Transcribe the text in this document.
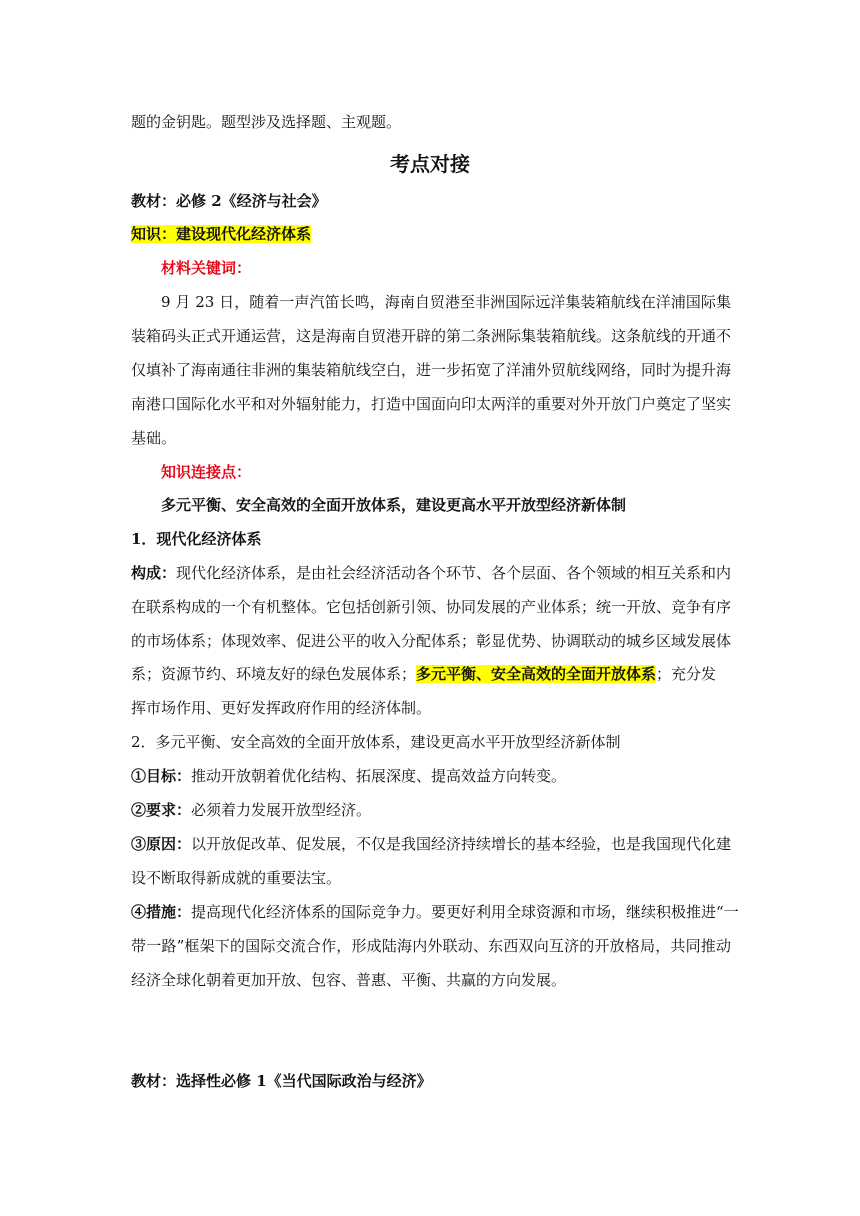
题的金钥匙。题型涉及选择题、主观题。
考点对接
教材：必修 2《经济与社会》
知识：建设现代化经济体系
材料关键词：
9 月 23 日，随着一声汽笛长鸣，海南自贸港至非洲国际远洋集装箱航线在洋浦国际集
装箱码头正式开通运营，这是海南自贸港开辟的第二条洲际集装箱航线。这条航线的开通不
仅填补了海南通往非洲的集装箱航线空白，进一步拓宽了洋浦外贸航线网络，同时为提升海
南港口国际化水平和对外辐射能力，打造中国面向印太两洋的重要对外开放门户奠定了坚实
基础。
知识连接点：
多元平衡、安全高效的全面开放体系，建设更高水平开放型经济新体制
1．现代化经济体系
构成：现代化经济体系，是由社会经济活动各个环节、各个层面、各个领域的相互关系和内
在联系构成的一个有机整体。它包括创新引领、协同发展的产业体系；统一开放、竞争有序
的市场体系；体现效率、促进公平的收入分配体系；彰显优势、协调联动的城乡区域发展体
系；资源节约、环境友好的绿色发展体系；多元平衡、安全高效的全面开放体系；充分发
挥市场作用、更好发挥政府作用的经济体制。
2．多元平衡、安全高效的全面开放体系，建设更高水平开放型经济新体制
①目标：推动开放朝着优化结构、拓展深度、提高效益方向转变。
②要求：必须着力发展开放型经济。
③原因：以开放促改革、促发展，不仅是我国经济持续增长的基本经验，也是我国现代化建
设不断取得新成就的重要法宝。
④措施：提高现代化经济体系的国际竞争力。要更好利用全球资源和市场，继续积极推进“一
带一路”框架下的国际交流合作，形成陆海内外联动、东西双向互济的开放格局，共同推动
经济全球化朝着更加开放、包容、普惠、平衡、共赢的方向发展。
教材：选择性必修 1《当代国际政治与经济》
